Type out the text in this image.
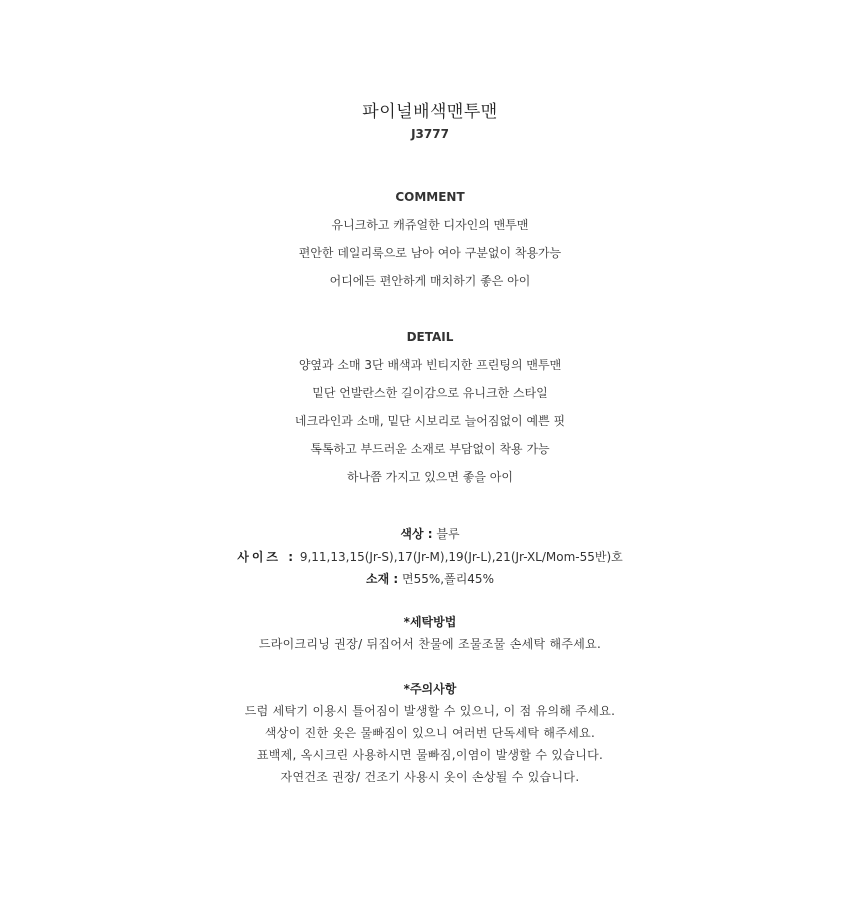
파이널배색맨투맨
J3777
COMMENT
유니크하고 캐쥬얼한 디자인의 맨투맨
편안한 데일리룩으로 남아 여아 구분없이 착용가능
어디에든 편안하게 매치하기 좋은 아이
DETAIL
양옆과 소매 3단 배색과 빈티지한 프린팅의 맨투맨
밑단 언발란스한 길이감으로 유니크한 스타일
네크라인과 소매, 밑단 시보리로 늘어짐없이 예쁜 핏
톡톡하고 부드러운 소재로 부담없이 착용 가능
하나쯤 가지고 있으면 좋을 아이
색상 : 블루
사이즈 : 9,11,13,15(Jr-S),17(Jr-M),19(Jr-L),21(Jr-XL/Mom-55반)호
소재 : 면55%,폴리45%
*세탁방법
드라이크리닝 권장/ 뒤집어서 찬물에 조물조물 손세탁 해주세요.
*주의사항
드럼 세탁기 이용시 틀어짐이 발생할 수 있으니, 이 점 유의해 주세요.
색상이 진한 옷은 물빠짐이 있으니 여러번 단독세탁 해주세요.
표백제, 옥시크린 사용하시면 물빠짐,이염이 발생할 수 있습니다.
자연건조 권장/ 건조기 사용시 옷이 손상될 수 있습니다.
